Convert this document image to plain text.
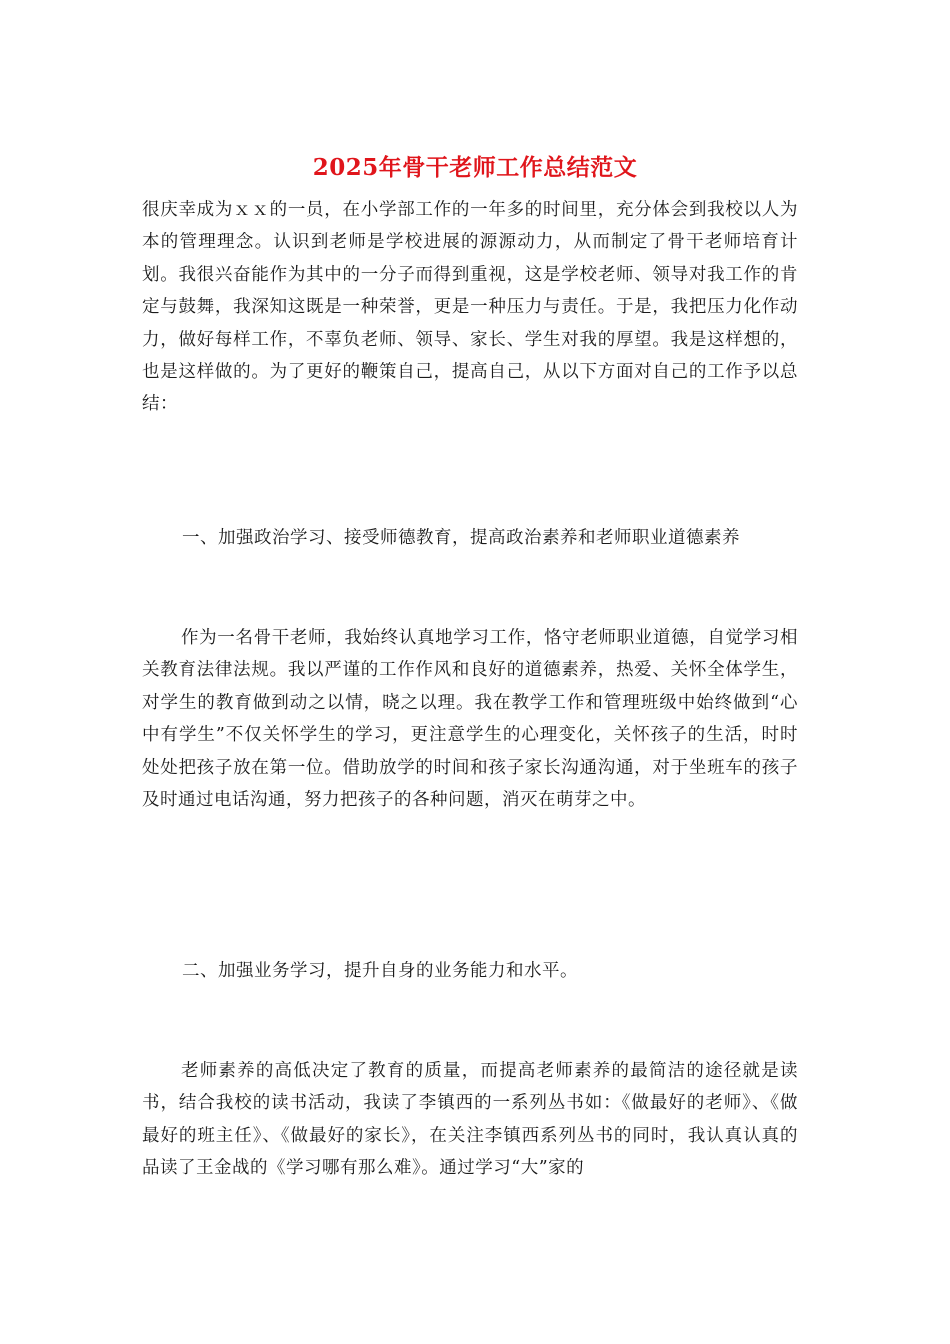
2025年骨干老师工作总结范文
很庆幸成为ｘｘ的一员，在小学部工作的一年多的时间里，充分体会到我校以人为本的管理理念。认识到老师是学校进展的源源动力，从而制定了骨干老师培育计划。我很兴奋能作为其中的一分子而得到重视，这是学校老师、领导对我工作的肯定与鼓舞，我深知这既是一种荣誉，更是一种压力与责任。于是，我把压力化作动力，做好每样工作，不辜负老师、领导、家长、学生对我的厚望。我是这样想的，也是这样做的。为了更好的鞭策自己，提高自己，从以下方面对自己的工作予以总结：
一、加强政治学习、接受师德教育，提高政治素养和老师职业道德素养
作为一名骨干老师，我始终认真地学习工作，恪守老师职业道德，自觉学习相关教育法律法规。我以严谨的工作作风和良好的道德素养，热爱、关怀全体学生，对学生的教育做到动之以情，晓之以理。我在教学工作和管理班级中始终做到“心中有学生”不仅关怀学生的学习，更注意学生的心理变化，关怀孩子的生活，时时处处把孩子放在第一位。借助放学的时间和孩子家长沟通沟通，对于坐班车的孩子及时通过电话沟通，努力把孩子的各种问题，消灭在萌芽之中。
二、加强业务学习，提升自身的业务能力和水平。
老师素养的高低决定了教育的质量，而提高老师素养的最简洁的途径就是读书，结合我校的读书活动，我读了李镇西的一系列丛书如：《做最好的老师》、《做最好的班主任》、《做最好的家长》，在关注李镇西系列丛书的同时，我认真认真的品读了王金战的《学习哪有那么难》。通过学习“大”家的
